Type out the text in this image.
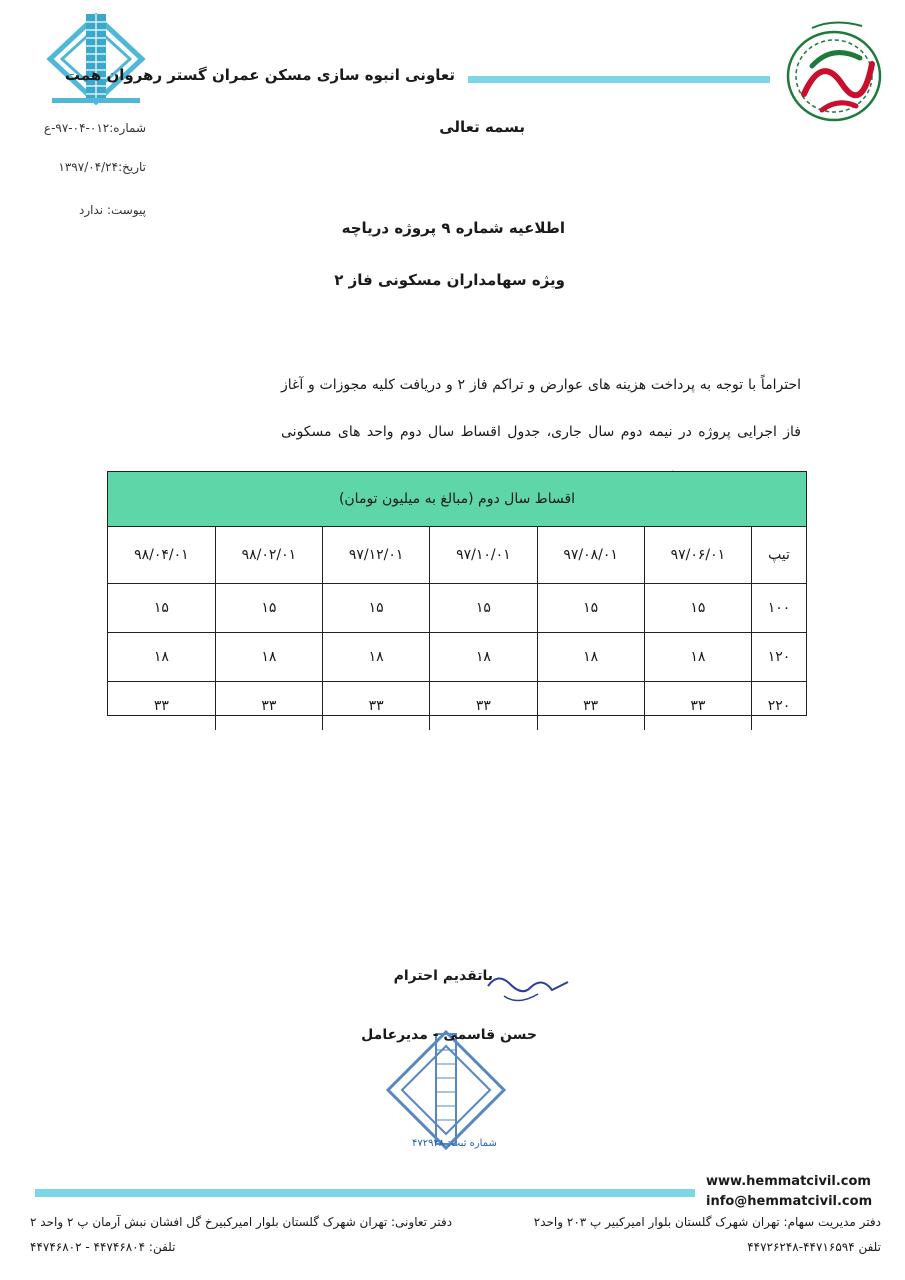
تعاونی انبوه سازی مسکن عمران گستر رهروان همت
شماره:۰۱۲-۰۴-۹۷-ع
تاریخ:۱۳۹۷/۰۴/۲۴
پیوست: ندارد
بسمه تعالی
اطلاعیه شماره ۹ پروژه دریاچه
ویژه سهامداران مسکونی فاز ۲
احتراماً با توجه به پرداخت هزینه های عوارض و تراکم فاز ۲ و دریافت کلیه مجوزات و آغاز فاز اجرایی پروژه در نیمه دوم سال جاری، جدول اقساط سال دوم واحد های مسکونی
اقساط سال دوم (مبالغ به میلیون تومان)
تیپ	۹۷/۰۶/۰۱	۹۷/۰۸/۰۱	۹۷/۱۰/۰۱	۹۷/۱۲/۰۱	۹۸/۰۲/۰۱	۹۸/۰۴/۰۱
۱۰۰	۱۵	۱۵	۱۵	۱۵	۱۵	۱۵
۱۲۰	۱۸	۱۸	۱۸	۱۸	۱۸	۱۸
۲۲۰	۳۳	۳۳	۳۳	۳۳	۳۳	۳۳
باتقدیم احترام
حسن قاسمی - مدیرعامل
شماره ثبت: ۴۷۲۹۲۸
www.hemmatcivil.com
info@hemmatcivil.com
دفتر مدیریت سهام: تهران شهرک گلستان بلوار امیرکبیر پ ۲۰۳ واحد۲
تلفن ۴۴۷۱۶۵۹۴-۴۴۷۲۶۲۴۸
دفتر تعاونی: تهران شهرک گلستان بلوار امیرکبیرخ گل افشان نبش آرمان پ ۲ واحد ۲
تلفن: ۴۴۷۴۶۸۰۴ - ۴۴۷۴۶۸۰۲
